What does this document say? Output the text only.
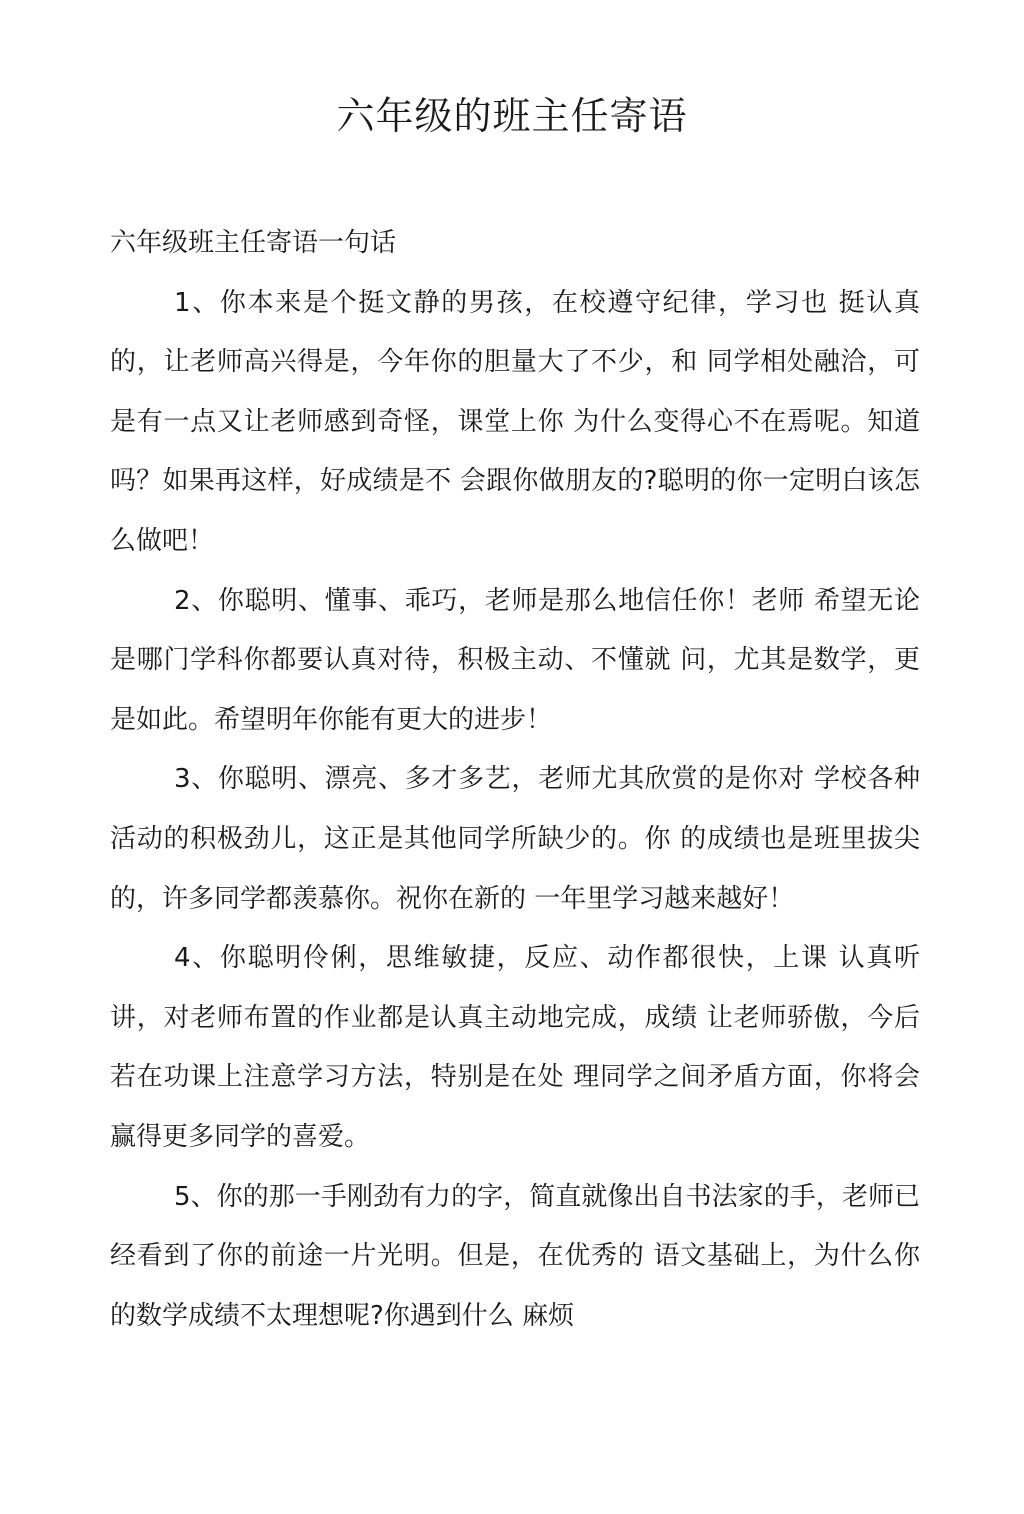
六年级的班主任寄语

六年级班主任寄语一句话

1、你本来是个挺文静的男孩，在校遵守纪律，学习也 挺认真的，让老师高兴得是，今年你的胆量大了不少，和 同学相处融洽，可是有一点又让老师感到奇怪，课堂上你 为什么变得心不在焉呢。知道吗？如果再这样，好成绩是不 会跟你做朋友的?聪明的你一定明白该怎么做吧！

2、你聪明、懂事、乖巧，老师是那么地信任你！老师 希望无论是哪门学科你都要认真对待，积极主动、不懂就 问，尤其是数学，更是如此。希望明年你能有更大的进步！

3、你聪明、漂亮、多才多艺，老师尤其欣赏的是你对 学校各种活动的积极劲儿，这正是其他同学所缺少的。你 的成绩也是班里拔尖的，许多同学都羡慕你。祝你在新的 一年里学习越来越好！

4、你聪明伶俐，思维敏捷，反应、动作都很快，上课 认真听讲，对老师布置的作业都是认真主动地完成，成绩 让老师骄傲，今后若在功课上注意学习方法，特别是在处 理同学之间矛盾方面，你将会赢得更多同学的喜爱。

5、你的那一手刚劲有力的字，简直就像出自书法家的手，老师已经看到了你的前途一片光明。但是，在优秀的 语文基础上，为什么你的数学成绩不太理想呢?你遇到什么 麻烦
